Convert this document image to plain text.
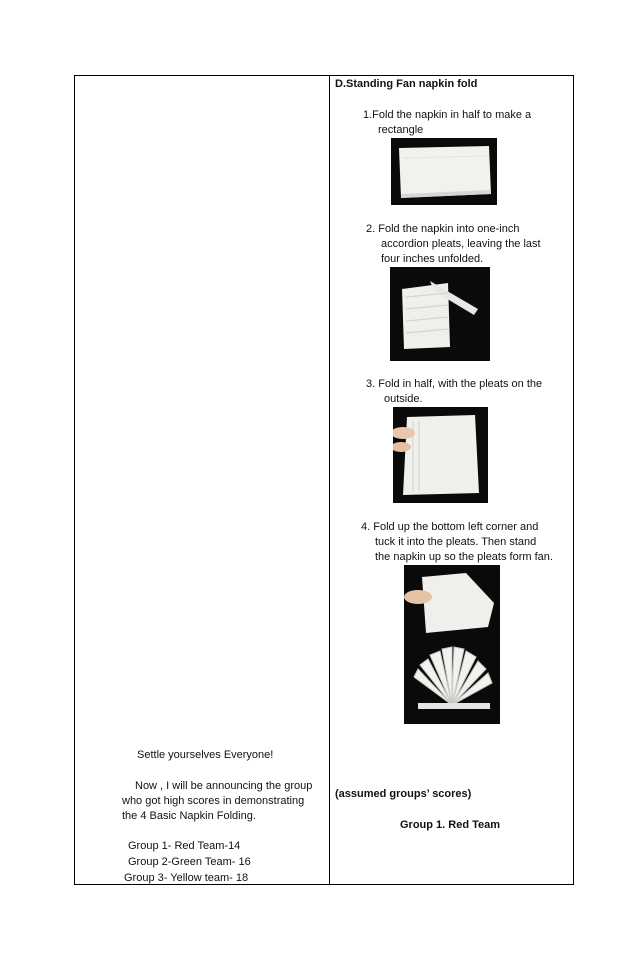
D.Standing Fan napkin fold
1.Fold the napkin in half to make a
rectangle
2. Fold the napkin into one-inch
accordion pleats, leaving the last
four inches unfolded.
3. Fold in half, with the pleats on the
outside.
4. Fold up the bottom left corner and
tuck it into the pleats. Then stand
the napkin up so the pleats form fan.
(assumed groups’ scores)
Group 1. Red Team
Settle yourselves Everyone!
Now , I will be announcing the group
who got high scores in demonstrating
the 4 Basic Napkin Folding.
Group 1- Red Team-14
Group 2-Green Team- 16
Group 3- Yellow team- 18
